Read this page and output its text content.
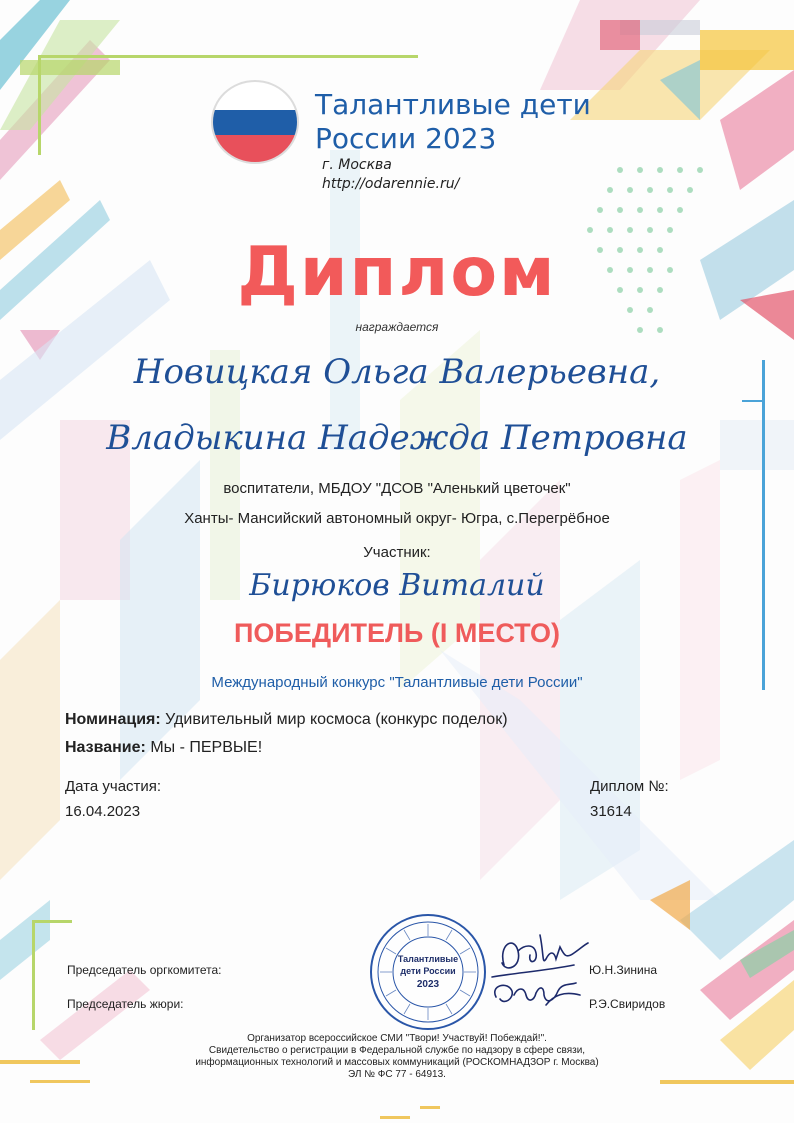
Талантливые дети
России 2023
г. Москва
http://odarennie.ru/
Диплом
награждается
Новицкая Ольга Валерьевна,
Владыкина Надежда Петровна
воспитатели, МБДОУ "ДСОВ "Аленький цветочек"
Ханты- Мансийский автономный округ- Югра, с.Перегрёбное
Участник:
Бирюков Виталий
ПОБЕДИТЕЛЬ (I МЕСТО)
Международный конкурс "Талантливые дети России"
Номинация: Удивительный мир космоса (конкурс поделок)
Название: Мы - ПЕРВЫЕ!
Дата участия:
16.04.2023
Диплом №:
31614
Председатель оргкомитета:
Председатель жюри:
Ю.Н.Зинина
Р.Э.Свиридов
Талантливые
дети России
2023
Организатор всероссийское СМИ "Твори! Участвуй! Побеждай!".
Свидетельство о регистрации в Федеральной службе по надзору в сфере связи,
информационных технологий и массовых коммуникаций (РОСКОМНАДЗОР г. Москва)
ЭЛ № ФС 77 - 64913.
